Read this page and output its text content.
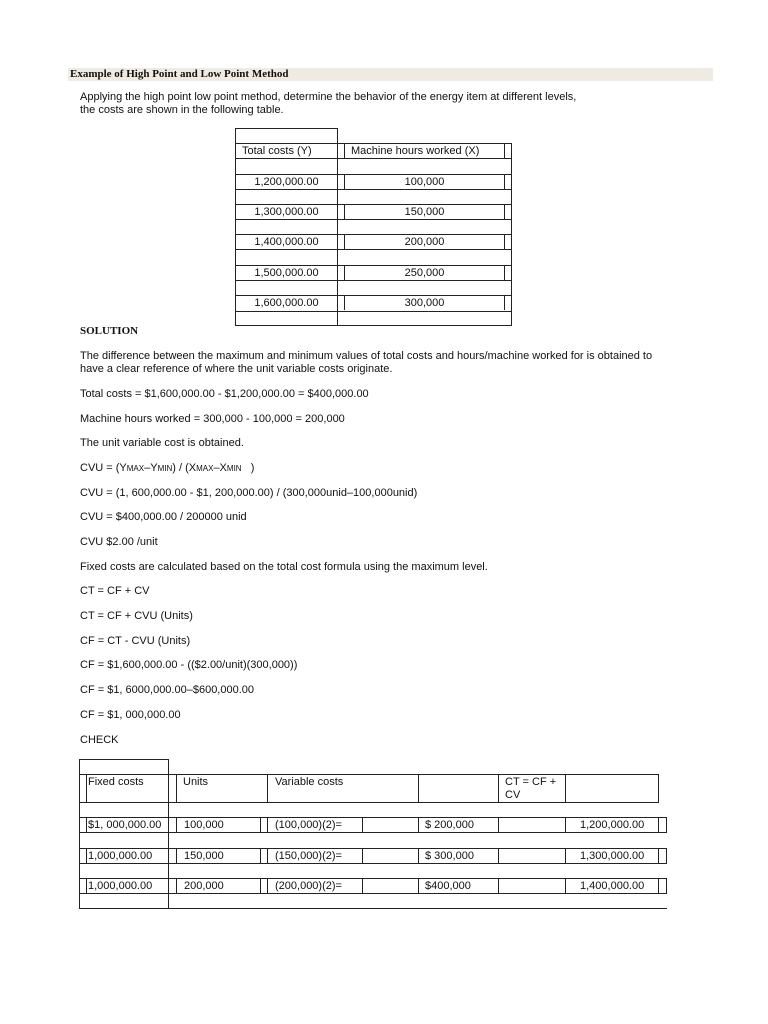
Example of High Point and Low Point Method
Applying the high point low point method, determine the behavior of the energy item at different levels, the costs are shown in the following table.
Total costs (Y)	Machine hours worked (X)
1,200,000.00	100,000
1,300,000.00	150,000
1,400,000.00	200,000
1,500,000.00	250,000
1,600,000.00	300,000
SOLUTION
The difference between the maximum and minimum values of total costs and hours/machine worked for is obtained to have a clear reference of where the unit variable costs originate.
Total costs = $1,600,000.00 - $1,200,000.00 = $400,000.00
Machine hours worked = 300,000 - 100,000 = 200,000
The unit variable cost is obtained.
CVU = (YMAX–YMIN) / (XMAX–XMIN   )
CVU = (1, 600,000.00 - $1, 200,000.00) / (300,000unid–100,000unid)
CVU = $400,000.00 / 200000 unid
CVU $2.00 /unit
Fixed costs are calculated based on the total cost formula using the maximum level.
CT = CF + CV
CT = CF + CVU (Units)
CF = CT - CVU (Units)
CF = $1,600,000.00 - (($2.00/unit)(300,000))
CF = $1, 6000,000.00–$600,000.00
CF = $1, 000,000.00
CHECK
Fixed costs	Units	Variable costs	CT = CF +
CV
$1, 000,000.00 100,000	(100,000)(2)=	$ 200,000	1,200,000.00
1,000,000.00	150,000	(150,000)(2)=	$ 300,000	1,300,000.00
1,000,000.00	200,000	(200,000)(2)=	$400,000	1,400,000.00
